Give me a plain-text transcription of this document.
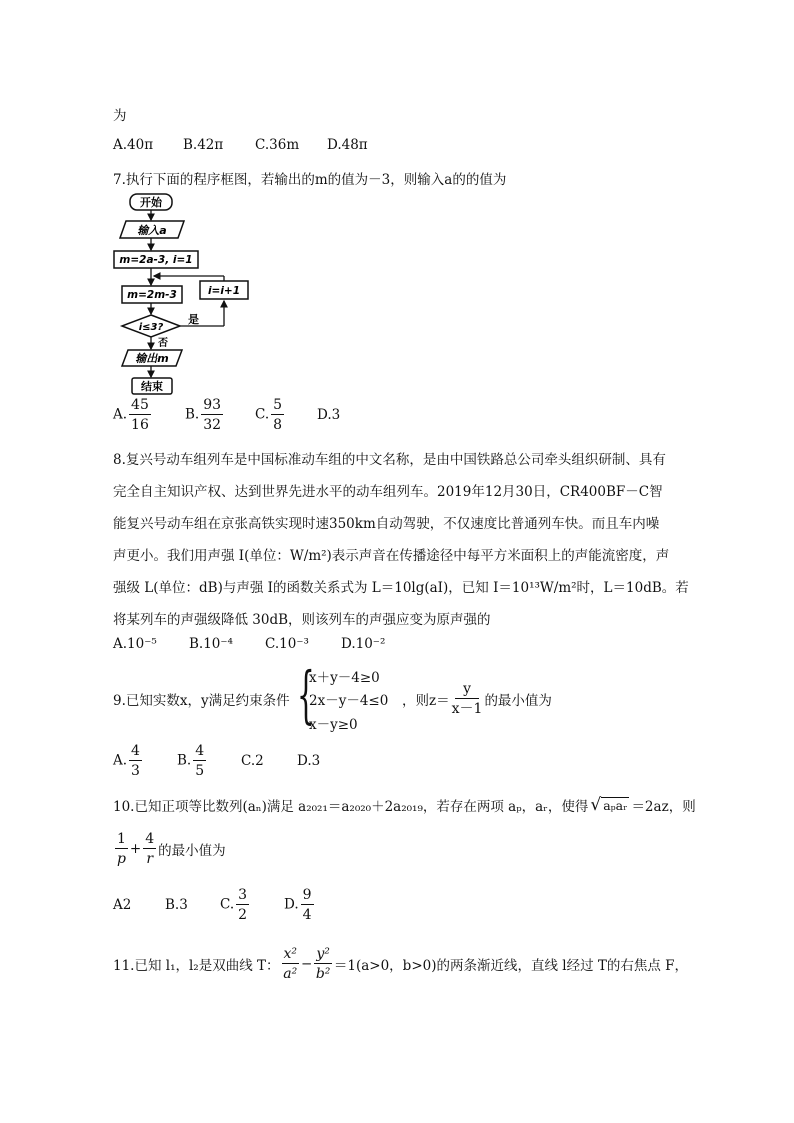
为
A.40π B.42π C.36m D.48π
7.执行下面的程序框图，若输出的m的值为－3，则输入a的的值为
开始
输入a
m=2a-3, i=1
m=2m-3	i=i+1
i≤3?
是
否
输出m
结束
A. $\frac{45}{16}$	B. $\frac{93}{32} C$. $\frac{5}{8} D.3$
8.复兴号动车组列车是中国标准动车组的中文名称，是由中国铁路总公司牵头组织研制、具有
完全自主知识产权、达到世界先进水平的动车组列车。2019年12月30日，CR400BF－C智
能复兴号动车组在京张高铁实现时速350km自动驾驶，不仅速度比普通列车快。而且车内噪
声更小。我们用声强 I(单位：W/m²)表示声音在传播途径中每平方米面积上的声能流密度，声
强级 L(单位：dB)与声强 I的函数关系式为 L＝10lg(aI)，已知 I＝10¹³W/m²时，L＝10dB。若
将某列车的声强级降低 30dB，则该列车的声强应变为原声强的
A.10⁻⁵ B.10⁻⁴ C.10⁻³ D.10⁻²
9.已知实数x，y满足约束条件 {
x＋y－4≥0
2x－y－4≤0
x－y≥0
，则$z= \frac{y}{x-1}$ 的最小值为
A. $\frac{4}{3}$	B. $\frac{4}{5}$	C.2	D.3
10.已知正项等比数列(aₙ)满足 a₂₀₂₁＝a₂₀₂₀＋2a₂₀₁₉，若存在两项 aₚ，aᵣ，使得 √ aₚaᵣ ＝2az，则
$\frac{1}{p} + \frac{4}{r}$ 的最小值为
A2	B.3	C. $\frac{3}{2}$	D. $\frac{9}{4}$
11.已知 l₁，l₂是双曲线 T： $\frac{\text{x²}}{\text{a²}} - \frac{\text{y²}}{\text{b²}} =1(a>0$，b>0)的两条渐近线，直线 l经过 T的右焦点 F，
